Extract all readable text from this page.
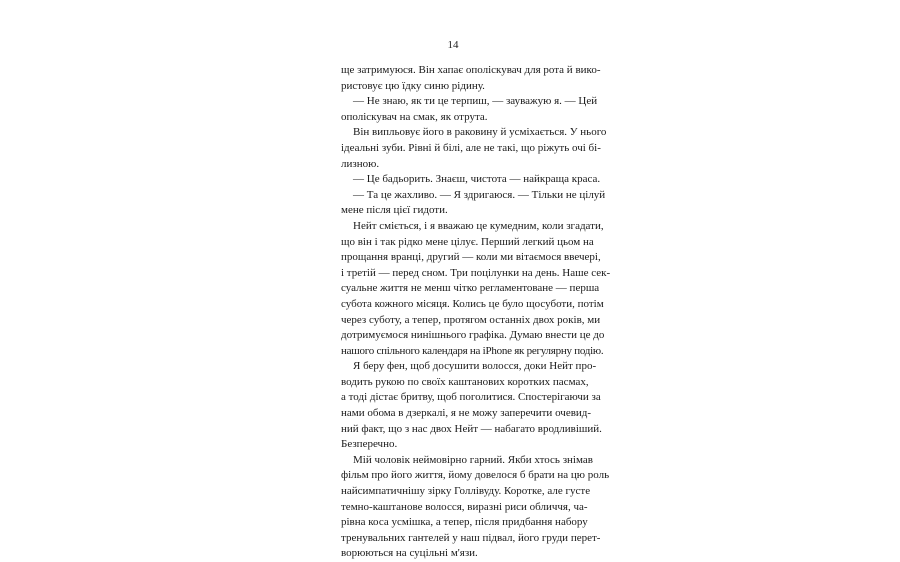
14
ще затримуюся. Він хапає ополіскувач для рота й вико-
ристовує цю їдку синю рідину.
— Не знаю, як ти це терпиш, — зауважую я. — Цей
ополіскувач на смак, як отрута.
Він випльовує його в раковину й усміхається. У нього
ідеальні зуби. Рівні й білі, але не такі, що ріжуть очі бі-
лизною.
— Це бадьорить. Знаєш, чистота — найкраща краса.
— Та це жахливо. — Я здригаюся. — Тільки не цілуй
мене після цієї гидоти.
Нейт сміється, і я вважаю це кумедним, коли згадати,
що він і так рідко мене цілує. Перший легкий цьом на
прощання вранці, другий — коли ми вітаємося ввечері,
і третій — перед сном. Три поцілунки на день. Наше сек-
суальне життя не менш чітко регламентоване — перша
субота кожного місяця. Колись це було щосуботи, потім
через суботу, а тепер, протягом останніх двох років, ми
дотримуємося нинішнього графіка. Думаю внести це до
нашого спільного календаря на iPhone як регулярну подію.
Я беру фен, щоб досушити волосся, доки Нейт про-
водить рукою по своїх каштанових коротких пасмах,
а тоді дістає бритву, щоб поголитися. Спостерігаючи за
нами обома в дзеркалі, я не можу заперечити очевид-
ний факт, що з нас двох Нейт — набагато вродливіший.
Безперечно.
Мій чоловік неймовірно гарний. Якби хтось знімав
фільм про його життя, йому довелося б брати на цю роль
найсимпатичнішу зірку Голлівуду. Коротке, але густе
темно-каштанове волосся, виразні риси обличчя, ча-
рівна коса усмішка, а тепер, після придбання набору
тренувальних гантелей у наш підвал, його груди перет-
ворюються на суцільні м'язи.
